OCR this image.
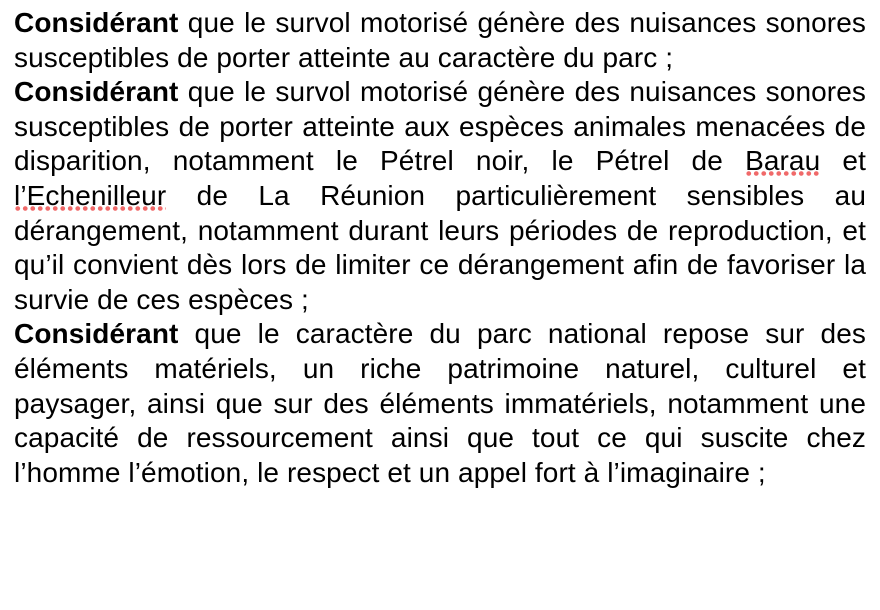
Considérant que le survol motorisé génère des nuisances sonores susceptibles de porter atteinte au caractère du parc ;

Considérant que le survol motorisé génère des nuisances sonores susceptibles de porter atteinte aux espèces animales menacées de disparition, notamment le Pétrel noir, le Pétrel de Barau et l’Echenilleur de La Réunion particulièrement sensibles au dérangement, notamment durant leurs périodes de reproduction, et qu’il convient dès lors de limiter ce dérangement afin de favoriser la survie de ces espèces ;

Considérant que le caractère du parc national repose sur des éléments matériels, un riche patrimoine naturel, culturel et paysager, ainsi que sur des éléments immatériels, notamment une capacité de ressourcement ainsi que tout ce qui suscite chez l’homme l’émotion, le respect et un appel fort à l’imaginaire ;
